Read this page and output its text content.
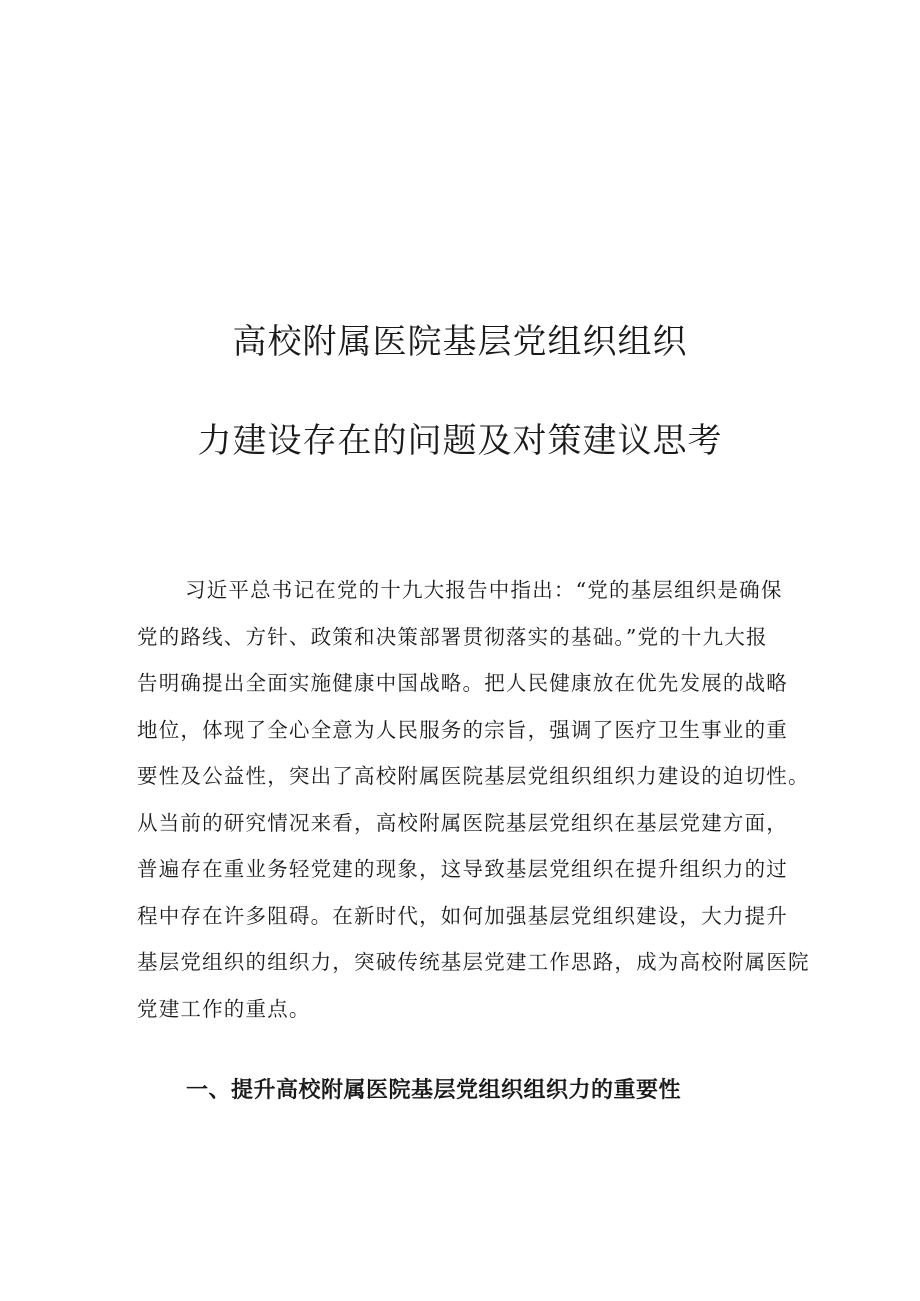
高校附属医院基层党组织组织
力建设存在的问题及对策建议思考

习近平总书记在党的十九大报告中指出：“党的基层组织是确保
党的路线、方针、政策和决策部署贯彻落实的基础。”党的十九大报
告明确提出全面实施健康中国战略。把人民健康放在优先发展的战略
地位，体现了全心全意为人民服务的宗旨，强调了医疗卫生事业的重
要性及公益性，突出了高校附属医院基层党组织组织力建设的迫切性。
从当前的研究情况来看，高校附属医院基层党组织在基层党建方面，
普遍存在重业务轻党建的现象，这导致基层党组织在提升组织力的过
程中存在许多阻碍。在新时代，如何加强基层党组织建设，大力提升
基层党组织的组织力，突破传统基层党建工作思路，成为高校附属医院
党建工作的重点。

一、提升高校附属医院基层党组织组织力的重要性
